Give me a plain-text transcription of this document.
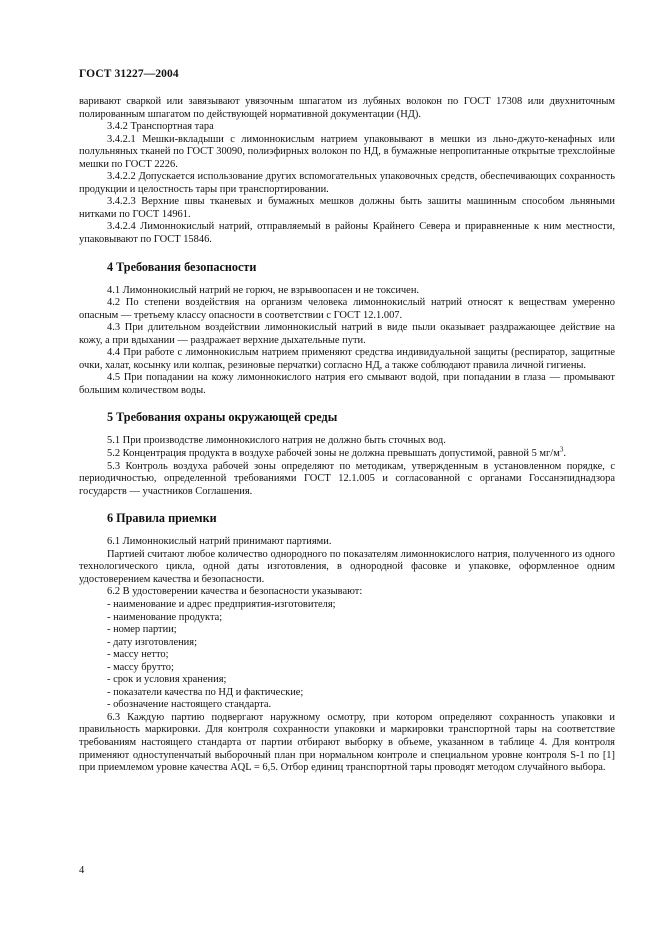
ГОСТ 31227—2004

варивают сваркой или завязывают увязочным шпагатом из лубяных волокон по ГОСТ 17308 или двухниточным полированным шпагатом по действующей нормативной документации (НД).

3.4.2 Транспортная тара

3.4.2.1 Мешки-вкладыши с лимоннокислым натрием упаковывают в мешки из льно-джуто-кенафных или полульняных тканей по ГОСТ 30090, полиэфирных волокон по НД, в бумажные непропитанные открытые трехслойные мешки по ГОСТ 2226.

3.4.2.2 Допускается использование других вспомогательных упаковочных средств, обеспечивающих сохранность продукции и целостность тары при транспортировании.

3.4.2.3 Верхние швы тканевых и бумажных мешков должны быть зашиты машинным способом льняными нитками по ГОСТ 14961.

3.4.2.4 Лимоннокислый натрий, отправляемый в районы Крайнего Севера и приравненные к ним местности, упаковывают по ГОСТ 15846.

4 Требования безопасности

4.1 Лимоннокислый натрий не горюч, не взрывоопасен и не токсичен.

4.2 По степени воздействия на организм человека лимоннокислый натрий относят к веществам умеренно опасным — третьему классу опасности в соответствии с ГОСТ 12.1.007.

4.3 При длительном воздействии лимоннокислый натрий в виде пыли оказывает раздражающее действие на кожу, а при вдыхании — раздражает верхние дыхательные пути.

4.4 При работе с лимоннокислым натрием применяют средства индивидуальной защиты (респиратор, защитные очки, халат, косынку или колпак, резиновые перчатки) согласно НД, а также соблюдают правила личной гигиены.

4.5 При попадании на кожу лимоннокислого натрия его смывают водой, при попадании в глаза — промывают большим количеством воды.

5 Требования охраны окружающей среды

5.1 При производстве лимоннокислого натрия не должно быть сточных вод.

5.2 Концентрация продукта в воздухе рабочей зоны не должна превышать допустимой, равной 5 $мг/м^3$.

5.3 Контроль воздуха рабочей зоны определяют по методикам, утвержденным в установленном порядке, с периодичностью, определенной требованиями ГОСТ 12.1.005 и согласованной с органами Госсанэпиднадзора государств — участников Соглашения.

6 Правила приемки

6.1 Лимоннокислый натрий принимают партиями.

Партией считают любое количество однородного по показателям лимоннокислого натрия, полученного из одного технологического цикла, одной даты изготовления, в однородной фасовке и упаковке, оформленное одним удостоверением качества и безопасности.

6.2 В удостоверении качества и безопасности указывают:

- наименование и адрес предприятия-изготовителя;

- наименование продукта;

- номер партии;

- дату изготовления;

- массу нетто;

- массу брутто;

- срок и условия хранения;

- показатели качества по НД и фактические;

- обозначение настоящего стандарта.

6.3 Каждую партию подвергают наружному осмотру, при котором определяют сохранность упаковки и правильность маркировки. Для контроля сохранности упаковки и маркировки транспортной тары на соответствие требованиям настоящего стандарта от партии отбирают выборку в объеме, указанном в таблице 4. Для контроля применяют одноступенчатый выборочный план при нормальном контроле и специальном уровне контроля S-1 по [1] при приемлемом уровне качества AQL = 6,5. Отбор единиц транспортной тары проводят методом случайного выбора.

4
